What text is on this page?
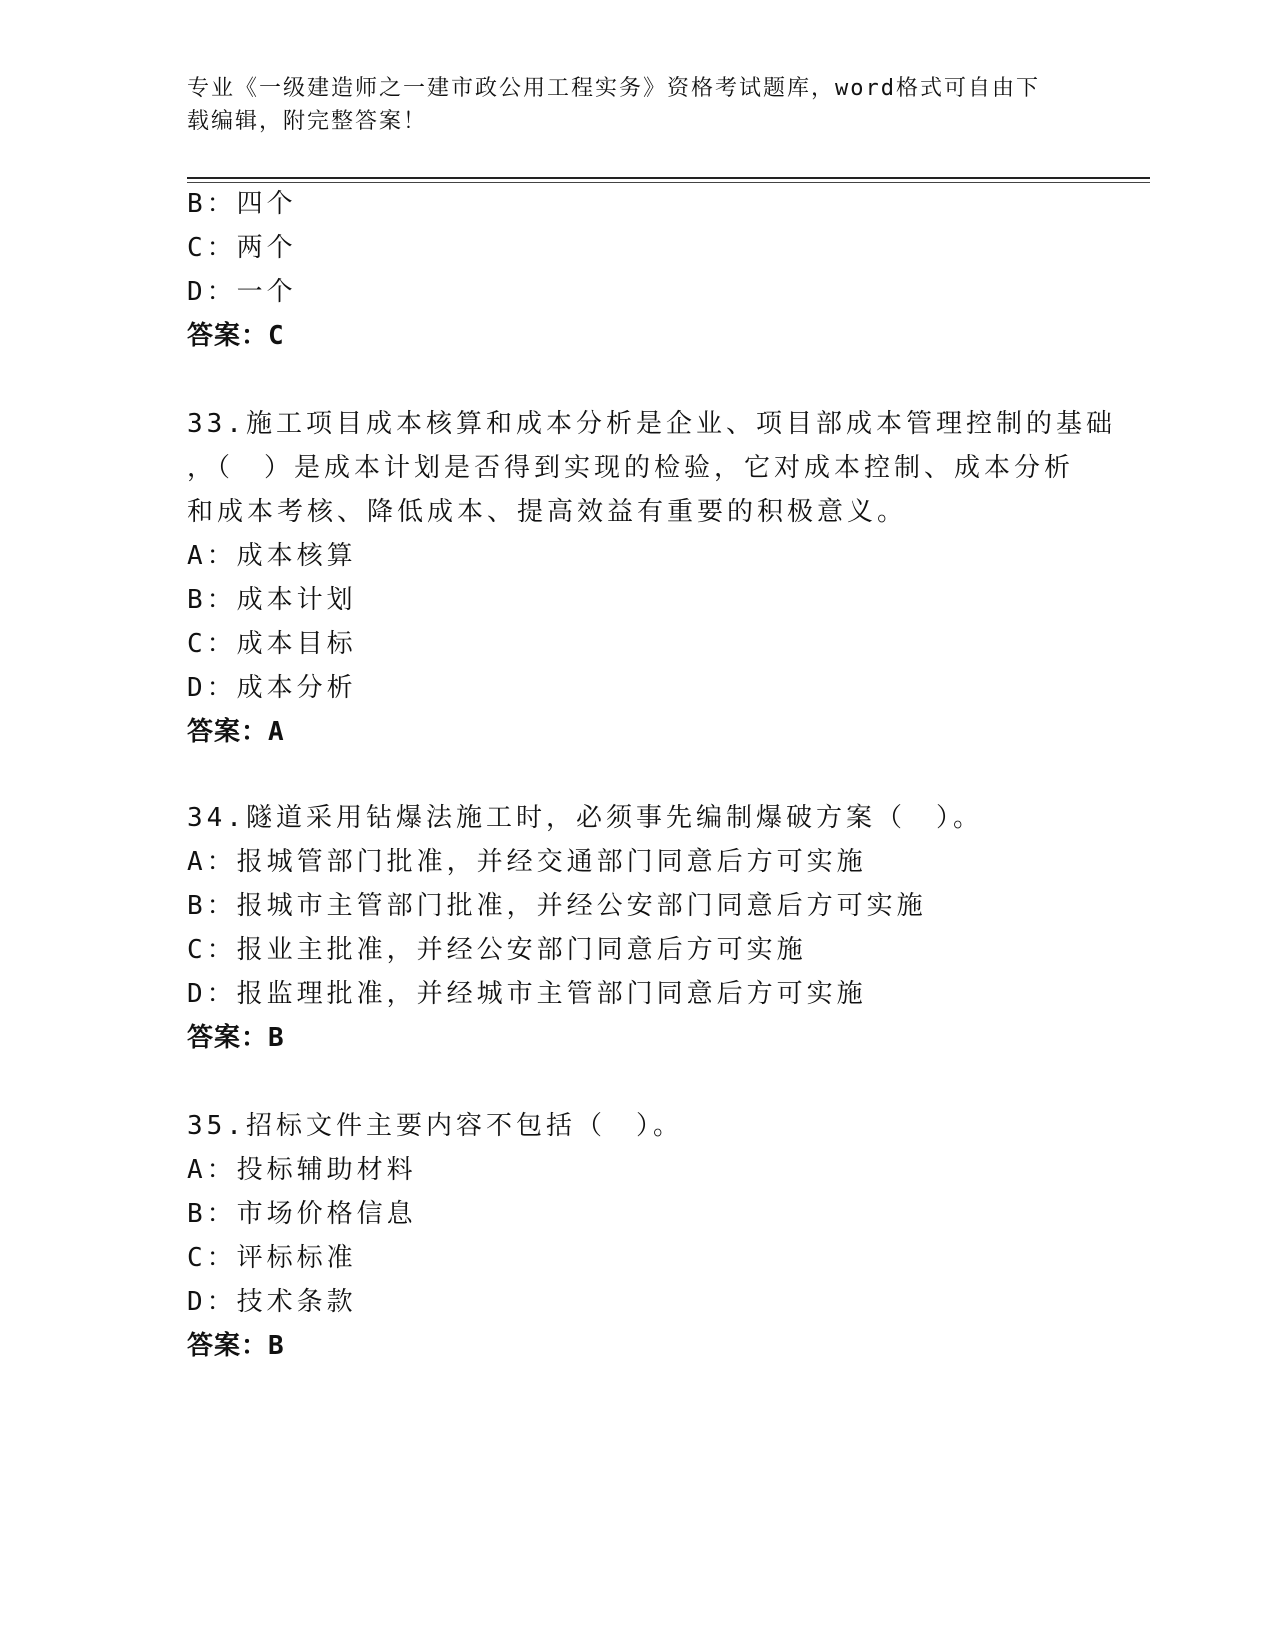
专业《一级建造师之一建市政公用工程实务》资格考试题库，word格式可自由下
载编辑，附完整答案！
B：四个
C：两个
D：一个
答案：C
33.施工项目成本核算和成本分析是企业、项目部成本管理控制的基础
，（　）是成本计划是否得到实现的检验，它对成本控制、成本分析
和成本考核、降低成本、提高效益有重要的积极意义。
A：成本核算
B：成本计划
C：成本目标
D：成本分析
答案：A
34.隧道采用钻爆法施工时，必须事先编制爆破方案（　）。
A：报城管部门批准，并经交通部门同意后方可实施
B：报城市主管部门批准，并经公安部门同意后方可实施
C：报业主批准，并经公安部门同意后方可实施
D：报监理批准，并经城市主管部门同意后方可实施
答案：B
35.招标文件主要内容不包括（　）。
A：投标辅助材料
B：市场价格信息
C：评标标准
D：技术条款
答案：B
